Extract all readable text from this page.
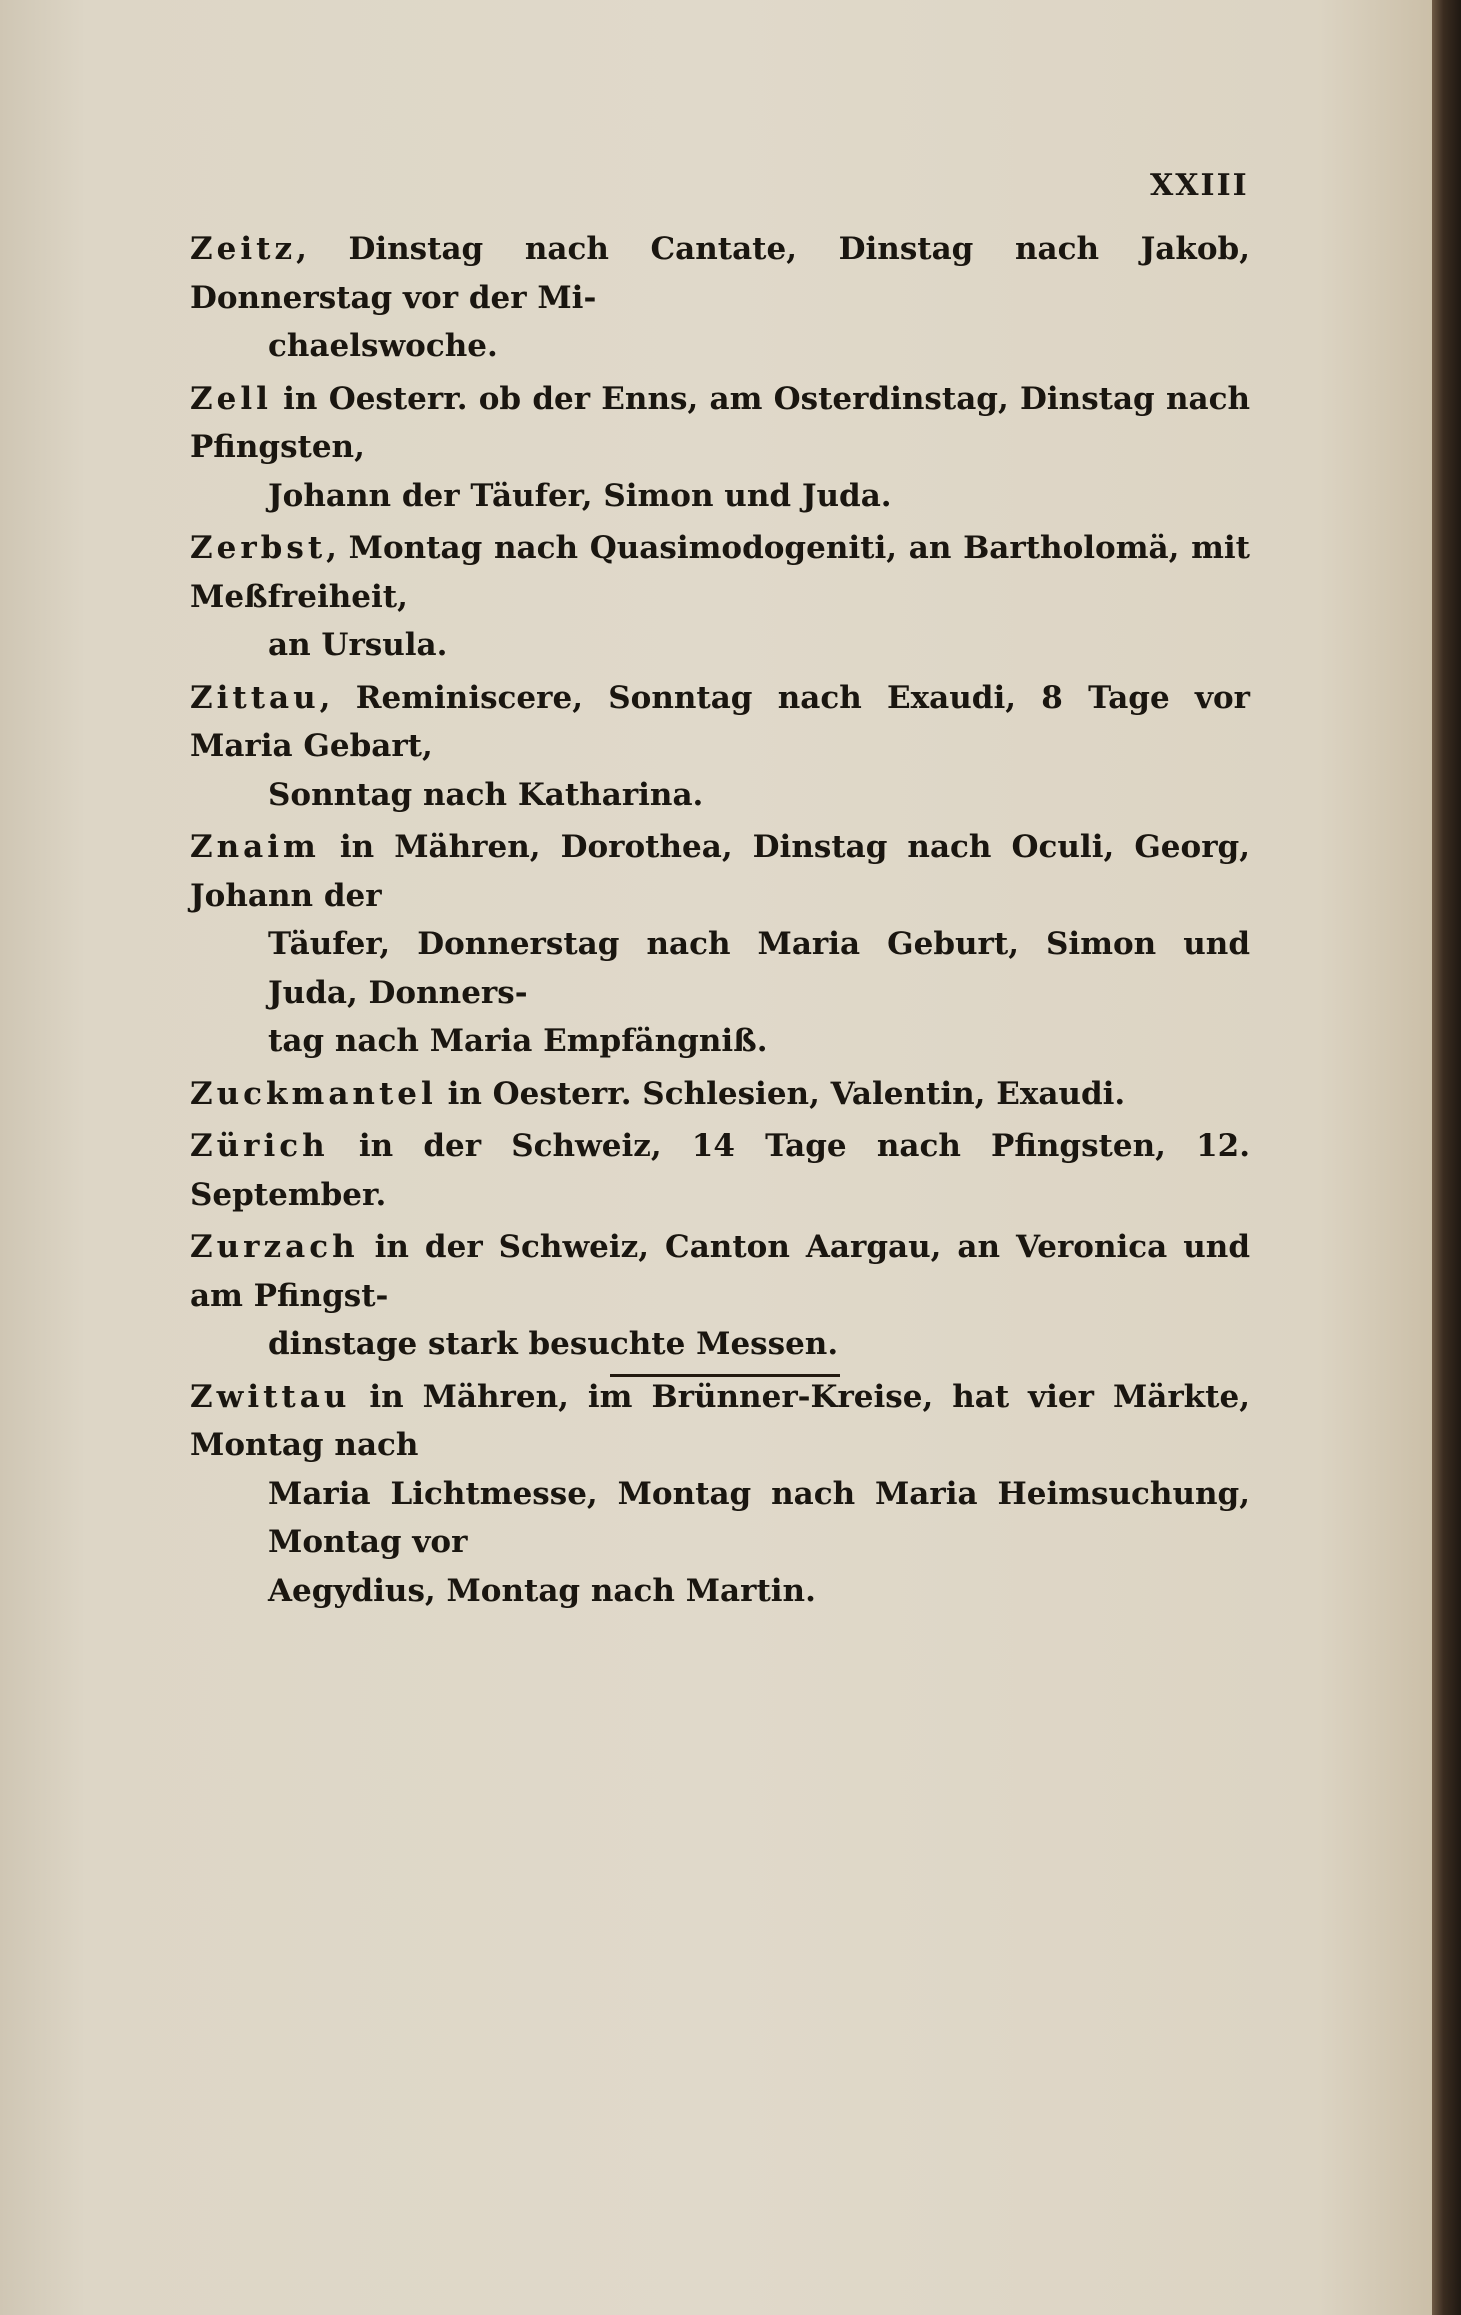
XXIII
Zeitz, Dinstag nach Cantate, Dinstag nach Jakob, Donnerstag vor der Mi-
chaelswoche.
Zell in Oesterr. ob der Enns, am Osterdinstag, Dinstag nach Pfingsten,
Johann der Täufer, Simon und Juda.
Zerbst, Montag nach Quasimodogeniti, an Bartholomä, mit Meßfreiheit,
an Ursula.
Zittau, Reminiscere, Sonntag nach Exaudi, 8 Tage vor Maria Gebart,
Sonntag nach Katharina.
Znaim in Mähren, Dorothea, Dinstag nach Oculi, Georg, Johann der
Täufer, Donnerstag nach Maria Geburt, Simon und Juda, Donners-
tag nach Maria Empfängniß.
Zuckmantel in Oesterr. Schlesien, Valentin, Exaudi.
Zürich in der Schweiz, 14 Tage nach Pfingsten, 12. September.
Zurzach in der Schweiz, Canton Aargau, an Veronica und am Pfingst-
dinstage stark besuchte Messen.
Zwittau in Mähren, im Brünner-Kreise, hat vier Märkte, Montag nach
Maria Lichtmesse, Montag nach Maria Heimsuchung, Montag vor
Aegydius, Montag nach Martin.
